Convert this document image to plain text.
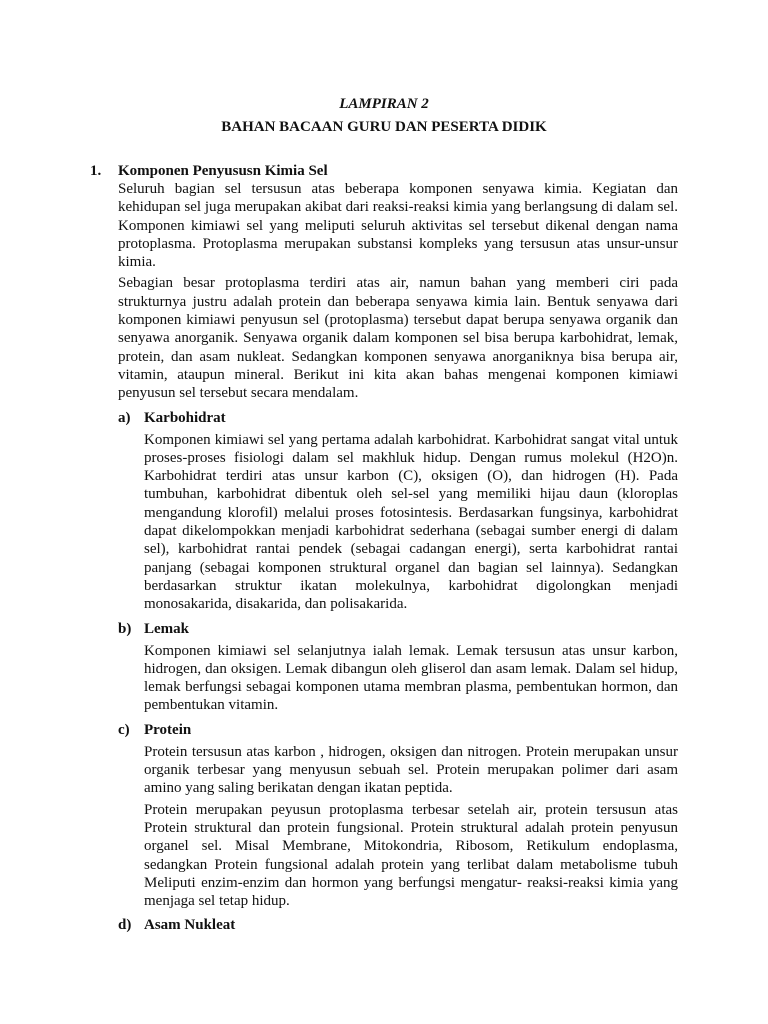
LAMPIRAN 2
BAHAN BACAAN GURU DAN PESERTA DIDIK
1.	Komponen Penyususn Kimia Sel

Seluruh bagian sel tersusun atas beberapa komponen senyawa kimia. Kegiatan dan kehidupan sel juga merupakan akibat dari reaksi-reaksi kimia yang berlangsung di dalam sel. Komponen kimiawi sel yang meliputi seluruh aktivitas sel tersebut dikenal dengan nama protoplasma. Protoplasma merupakan substansi kompleks yang tersusun atas unsur-unsur kimia.

Sebagian besar protoplasma terdiri atas air, namun bahan yang memberi ciri pada strukturnya justru adalah protein dan beberapa senyawa kimia lain. Bentuk senyawa dari komponen kimiawi penyusun sel (protoplasma) tersebut dapat berupa senyawa organik dan senyawa anorganik. Senyawa organik dalam komponen sel bisa berupa karbohidrat, lemak, protein, dan asam nukleat. Sedangkan komponen senyawa anorganiknya bisa berupa air, vitamin, ataupun mineral. Berikut ini kita akan bahas mengenai komponen kimiawi penyusun sel tersebut secara mendalam.

a) Karbohidrat

Komponen kimiawi sel yang pertama adalah karbohidrat. Karbohidrat sangat vital untuk proses-proses fisiologi dalam sel makhluk hidup. Dengan rumus molekul (H2O)n. Karbohidrat terdiri atas unsur karbon (C), oksigen (O), dan hidrogen (H). Pada tumbuhan, karbohidrat dibentuk oleh sel-sel yang memiliki hijau daun (kloroplas mengandung klorofil) melalui proses fotosintesis. Berdasarkan fungsinya, karbohidrat dapat dikelompokkan menjadi karbohidrat sederhana (sebagai sumber energi di dalam sel), karbohidrat rantai pendek (sebagai cadangan energi), serta karbohidrat rantai panjang (sebagai komponen struktural organel dan bagian sel lainnya). Sedangkan berdasarkan struktur ikatan molekulnya, karbohidrat digolongkan menjadi monosakarida, disakarida, dan polisakarida.

b) Lemak

Komponen kimiawi sel selanjutnya ialah lemak. Lemak tersusun atas unsur karbon, hidrogen, dan oksigen. Lemak dibangun oleh gliserol dan asam lemak. Dalam sel hidup, lemak berfungsi sebagai komponen utama membran plasma, pembentukan hormon, dan pembentukan vitamin.

c) Protein

Protein tersusun atas karbon , hidrogen, oksigen dan nitrogen. Protein merupakan unsur organik terbesar yang menyusun sebuah sel. Protein merupakan polimer dari asam amino yang saling berikatan dengan ikatan peptida.

Protein merupakan peyusun protoplasma terbesar setelah air, protein tersusun atas Protein struktural dan protein fungsional. Protein struktural adalah protein penyusun organel sel. Misal Membrane, Mitokondria, Ribosom, Retikulum endoplasma, sedangkan Protein fungsional adalah protein yang terlibat dalam metabolisme tubuh Meliputi enzim-enzim dan hormon yang berfungsi mengatur- reaksi-reaksi kimia yang menjaga sel tetap hidup.

d) Asam Nukleat
